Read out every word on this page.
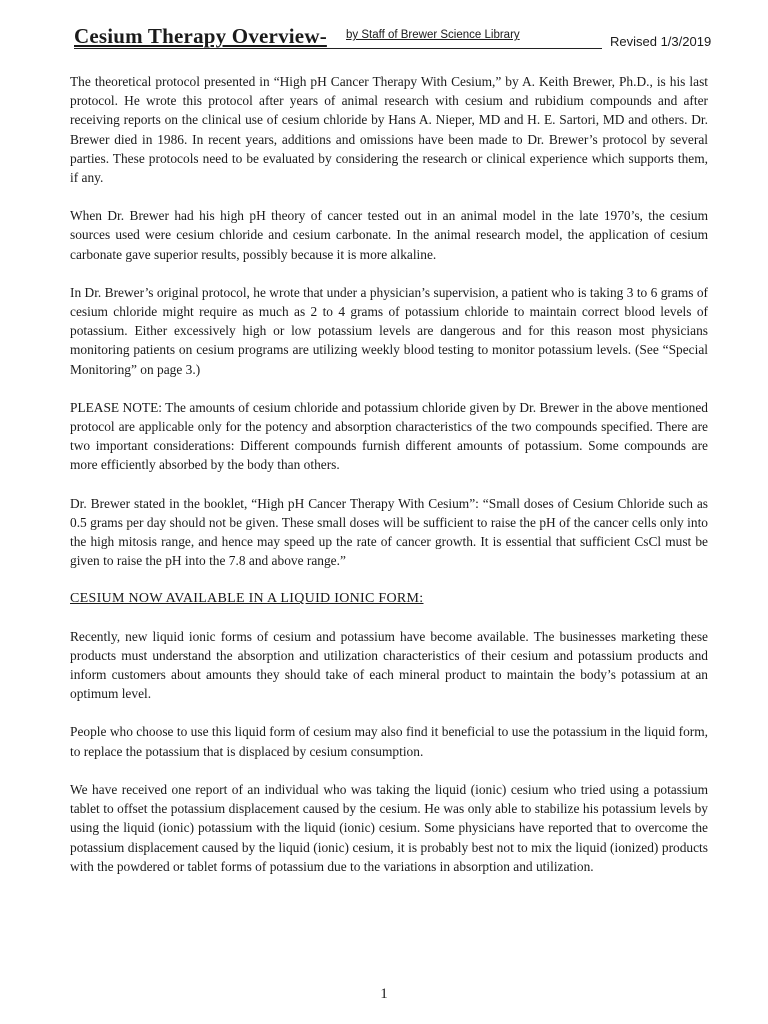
Cesium Therapy Overview- by Staff of Brewer Science Library	Revised 1/3/2019

The theoretical protocol presented in “High pH Cancer Therapy With Cesium,” by A. Keith Brewer, Ph.D., is his last protocol. He wrote this protocol after years of animal research with cesium and rubidium compounds and after receiving reports on the clinical use of cesium chloride by Hans A. Nieper, MD and H. E. Sartori, MD and others. Dr. Brewer died in 1986. In recent years, additions and omissions have been made to Dr. Brewer’s protocol by several parties. These protocols need to be evaluated by considering the research or clinical experience which supports them, if any.

When Dr. Brewer had his high pH theory of cancer tested out in an animal model in the late 1970’s, the cesium sources used were cesium chloride and cesium carbonate. In the animal research model, the application of cesium carbonate gave superior results, possibly because it is more alkaline.

In Dr. Brewer’s original protocol, he wrote that under a physician’s supervision, a patient who is taking 3 to 6 grams of cesium chloride might require as much as 2 to 4 grams of potassium chloride to maintain correct blood levels of potassium. Either excessively high or low potassium levels are dangerous and for this reason most physicians monitoring patients on cesium programs are utilizing weekly blood testing to monitor potassium levels. (See “Special Monitoring” on page 3.)

PLEASE NOTE: The amounts of cesium chloride and potassium chloride given by Dr. Brewer in the above mentioned protocol are applicable only for the potency and absorption characteristics of the two compounds specified. There are two important considerations: Different compounds furnish different amounts of potassium. Some compounds are more efficiently absorbed by the body than others.

Dr. Brewer stated in the booklet, “High pH Cancer Therapy With Cesium”: “Small doses of Cesium Chloride such as 0.5 grams per day should not be given. These small doses will be sufficient to raise the pH of the cancer cells only into the high mitosis range, and hence may speed up the rate of cancer growth. It is essential that sufficient CsCl must be given to raise the pH into the 7.8 and above range.”

CESIUM NOW AVAILABLE IN A LIQUID IONIC FORM:

Recently, new liquid ionic forms of cesium and potassium have become available. The businesses marketing these products must understand the absorption and utilization characteristics of their cesium and potassium products and inform customers about amounts they should take of each mineral product to maintain the body’s potassium at an optimum level.

People who choose to use this liquid form of cesium may also find it beneficial to use the potassium in the liquid form, to replace the potassium that is displaced by cesium consumption.

We have received one report of an individual who was taking the liquid (ionic) cesium who tried using a potassium tablet to offset the potassium displacement caused by the cesium. He was only able to stabilize his potassium levels by using the liquid (ionic) potassium with the liquid (ionic) cesium. Some physicians have reported that to overcome the potassium displacement caused by the liquid (ionic) cesium, it is probably best not to mix the liquid (ionized) products with the powdered or tablet forms of potassium due to the variations in absorption and utilization.

1
